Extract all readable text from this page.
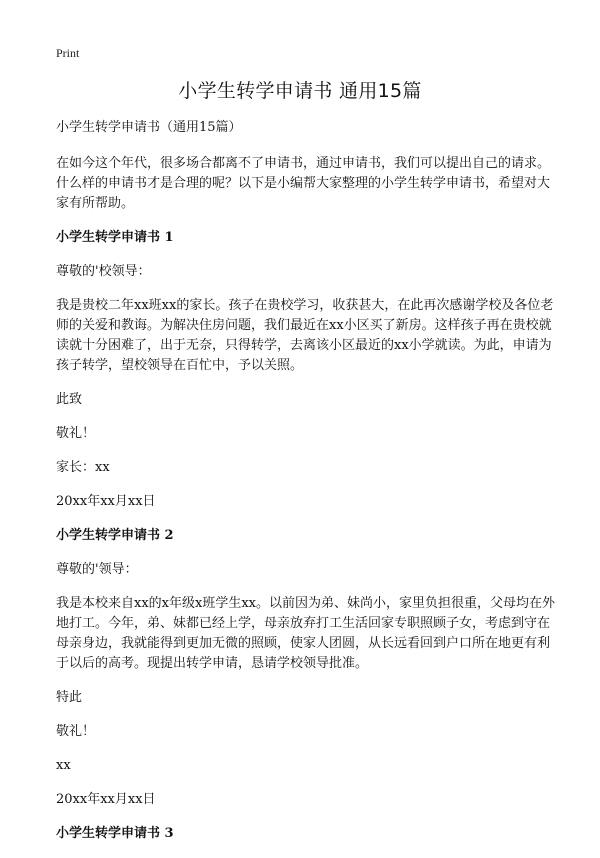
Print
小学生转学申请书 通用15篇

小学生转学申请书（通用15篇）

在如今这个年代，很多场合都离不了申请书，通过申请书，我们可以提出自己的请求。什么样的申请书才是合理的呢？以下是小编帮大家整理的小学生转学申请书，希望对大家有所帮助。

小学生转学申请书 1

尊敬的'校领导：

我是贵校二年xx班xx的家长。孩子在贵校学习，收获甚大，在此再次感谢学校及各位老师的关爱和教诲。为解决住房问题，我们最近在xx小区买了新房。这样孩子再在贵校就读就十分困难了，出于无奈，只得转学，去离该小区最近的xx小学就读。为此，申请为孩子转学，望校领导在百忙中，予以关照。

此致

敬礼！

家长：xx

20xx年xx月xx日

小学生转学申请书 2

尊敬的'领导：

我是本校来自xx的x年级x班学生xx。以前因为弟、妹尚小，家里负担很重，父母均在外地打工。今年，弟、妹都已经上学，母亲放弃打工生活回家专职照顾子女，考虑到守在母亲身边，我就能得到更加无微的照顾，使家人团圆，从长远看回到户口所在地更有利于以后的高考。现提出转学申请，恳请学校领导批准。

特此

敬礼！

xx

20xx年xx月xx日

小学生转学申请书 3
